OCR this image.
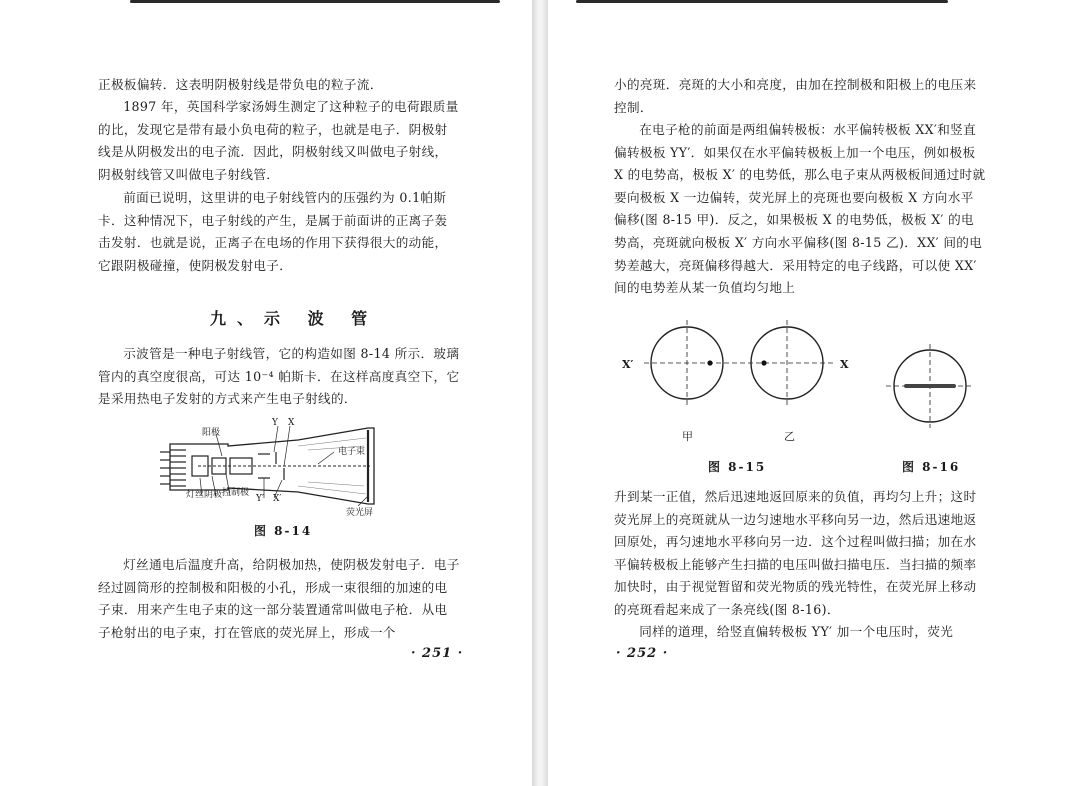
正极板偏转．这表明阴极射线是带负电的粒子流．

1897 年，英国科学家汤姆生测定了这种粒子的电荷跟质量的比，发现它是带有最小负电荷的粒子，也就是电子．阴极射线是从阴极发出的电子流．因此，阴极射线又叫做电子射线，阴极射线管又叫做电子射线管．

前面已说明，这里讲的电子射线管内的压强约为 0.1帕斯卡．这种情况下，电子射线的产生，是属于前面讲的正离子轰击发射．也就是说，正离子在电场的作用下获得很大的动能，它跟阴极碰撞，使阴极发射电子．

九、示 波 管

示波管是一种电子射线管，它的构造如图 8-14 所示．玻璃管内的真空度很高，可达 10⁻⁴ 帕斯卡．在这样高度真空下，它是采用热电子发射的方式来产生电子射线的．

阳极
Y X
电子束
灯丝 阴极 控制极
Y′ X′
荧光屏
图 8-14

灯丝通电后温度升高，给阴极加热，使阴极发射电子．电子经过圆筒形的控制极和阳极的小孔，形成一束很细的加速的电子束．用来产生电子束的这一部分装置通常叫做电子枪．从电子枪射出的电子束，打在管底的荧光屏上，形成一个

· 251 ·

小的亮斑．亮斑的大小和亮度，由加在控制极和阳极上的电压来控制．

在电子枪的前面是两组偏转极板：水平偏转极板 XX′和竖直偏转极板 YY′．如果仅在水平偏转极板上加一个电压，例如极板 X 的电势高，极板 X′ 的电势低，那么电子束从两极板间通过时就要向极板 X 一边偏转，荧光屏上的亮斑也要向极板 X 方向水平偏移(图 8-15 甲)．反之，如果极板 X 的电势低，极板 X′ 的电势高，亮斑就向极板 X′ 方向水平偏移(图 8-15 乙)．XX′ 间的电势差越大，亮斑偏移得越大．采用特定的电子线路，可以使 XX′ 间的电势差从某一负值均匀地上

X′	X
甲	乙
图 8-15	图 8-16

升到某一正值，然后迅速地返回原来的负值，再均匀上升；这时荧光屏上的亮斑就从一边匀速地水平移向另一边，然后迅速地返回原处，再匀速地水平移向另一边．这个过程叫做扫描；加在水平偏转极板上能够产生扫描的电压叫做扫描电压．当扫描的频率加快时，由于视觉暂留和荧光物质的残光特性，在荧光屏上移动的亮斑看起来成了一条亮线(图 8-16)．

同样的道理，给竖直偏转极板 YY′ 加一个电压时，荧光

· 252 ·
